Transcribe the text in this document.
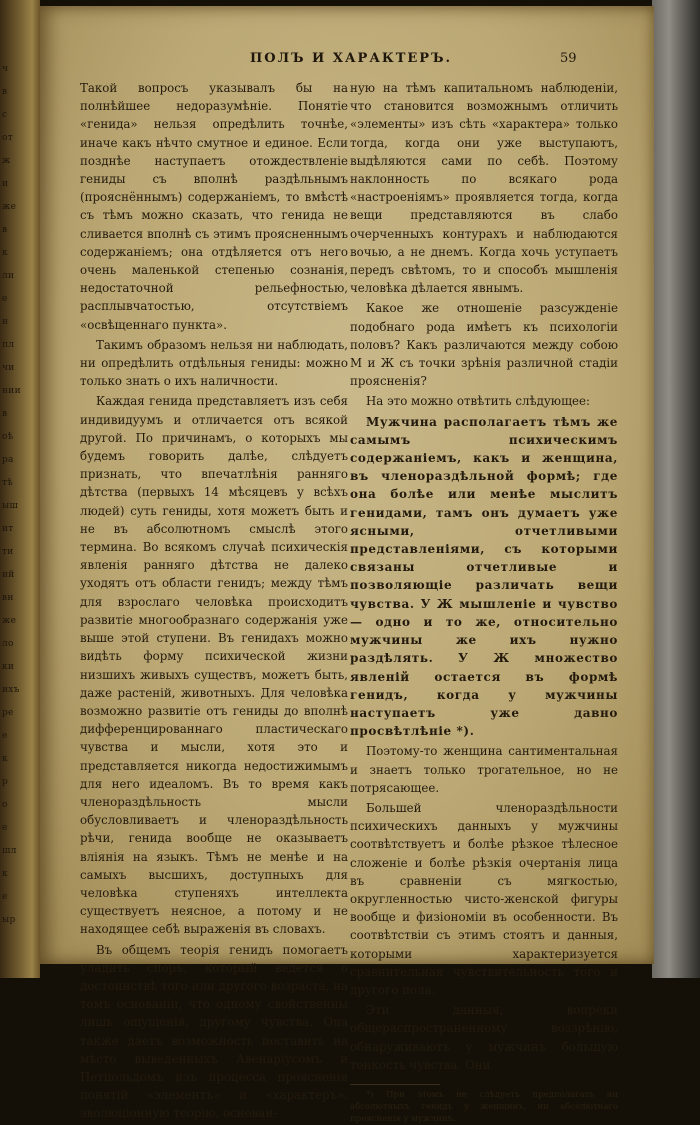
ч
в
с
от
ж
и
же
в
к
ли
е
н
пл
чи
нии
в
оѣ
ра
тѣ
ыш
ит
ти
ий
вн
же
ло
ки
ихъ
ре
е
к
р
о
е
шл
к
е
ыр
ПОЛЪ И ХАРАКТЕРЪ.	59

Такой вопросъ указывалъ бы на полнѣйшее недоразумѣніе. Понятіе «генида» нельзя опредѣлить точнѣе, иначе какъ нѣчто смутное и единое. Если позднѣе наступаетъ отождествленіе гениды съ вполнѣ раздѣльнымъ (прояснённымъ) содержаніемъ, то вмѣстѣ съ тѣмъ можно сказать, что генида не сливается вполнѣ съ этимъ проясненнымъ содержаніемъ; она отдѣляется отъ него очень маленькой степенью сознанія, недостаточной рельефностью, расплывчатостью, отсутствіемъ «освѣщеннаго пункта».

Такимъ образомъ нельзя ни наблюдать, ни опредѣлить отдѣльныя гениды: можно только знать о ихъ наличности.

Каждая генида представляетъ изъ себя индивидуумъ и отличается отъ всякой другой. По причинамъ, о которыхъ мы будемъ говорить далѣе, слѣдуетъ признать, что впечатлѣнія ранняго дѣтства (первыхъ 14 мѣсяцевъ у всѣхъ людей) суть гениды, хотя можетъ быть и не въ абсолютномъ смыслѣ этого термина. Во всякомъ случаѣ психическія явленія ранняго дѣтства не далеко уходятъ отъ области генидъ; между тѣмъ для взрослаго человѣка происходитъ развитіе многообразнаго содержанія уже выше этой ступени. Въ генидахъ можно видѣть форму психической жизни низшихъ живыхъ существъ, можетъ быть, даже растеній, животныхъ. Для человѣка возможно развитіе отъ гениды до вполнѣ дифференцированнаго пластическаго чувства и мысли, хотя это и представляется никогда недостижимымъ для него идеаломъ. Въ то время какъ членораздѣльность мысли обусловливаетъ и членораздѣльность рѣчи, генида вообще не оказываетъ вліянія на языкъ. Тѣмъ не менѣе и на самыхъ высшихъ, доступныхъ для человѣка ступеняхъ интеллекта существуетъ неясное, а потому и не находящее себѣ выраженія въ словахъ.

Въ общемъ теорія генидъ помогаетъ уладить споръ, который ведется о достоинствѣ того или другого возраста, на томъ основаніи, что одному свойственны лишь ощущенія, другому чувства. Она также даетъ возможность поставить на мѣсто выведенныхъ Авенаріусомъ и Петцольдомъ изъ процесса проясненія понятій «элементъ» и «характеръ», эволюціонную теорію, основан-

ную на тѣмъ капитальномъ наблюденіи, что становится возможнымъ отличить «элементы» изъ сѣть «характера» только тогда, когда они уже выступаютъ, выдѣляются сами по себѣ. Поэтому наклонность по всякаго рода «настроеніямъ» проявляется тогда, когда вещи представляются въ слабо очерченныхъ контурахъ и наблюдаются вочью, а не днемъ. Когда хочь уступаетъ передъ свѣтомъ, то и способъ мышленія человѣка дѣлается явнымъ.

Какое же отношеніе разсужденіе подобнаго рода имѣетъ къ психологіи половъ? Какъ различаются между собою М и Ж съ точки зрѣнія различной стадіи проясненія?

На это можно отвѣтить слѣдующее:

Мужчина располагаетъ тѣмъ же самымъ психическимъ содержаніемъ, какъ и женщина, въ членораздѣльной формѣ; где она болѣе или менѣе мыслитъ генидами, тамъ онъ думаетъ уже ясными, отчетливыми представленіями, съ которыми связаны отчетливые и позволяющіе различать вещи чувства. У Ж мышленіе и чувство — одно и то же, относительно мужчины же ихъ нужно раздѣлять. У Ж множество явленій остается въ формѣ генидъ, когда у мужчины наступаетъ уже давно просвѣтлѣніе *).

Поэтому-то женщина сантиментальная и знаетъ только трогательное, но не потрясающее.

Большей членораздѣльности психическихъ данныхъ у мужчины соотвѣтствуетъ и болѣе рѣзкое тѣлесное сложеніе и болѣе рѣзкія очертанія лица въ сравненіи съ мягкостью, округленностью чисто-женской фигуры вообще и физіономіи въ особенности. Въ соотвѣтствіи съ этимъ стоятъ и данныя, которыми характеризуется сравнительная чувствительность того и другого пола.

Эти данныя, вопреки общераспространенному воззрѣнію, обнаруживаютъ у мужчинъ большую тонкость чувства. Они

*) При этомъ не слѣдуетъ предполагать ни абсолютныхъ генидъ у женщинъ, ни абсолютнаго проясненія у мужчинъ.
